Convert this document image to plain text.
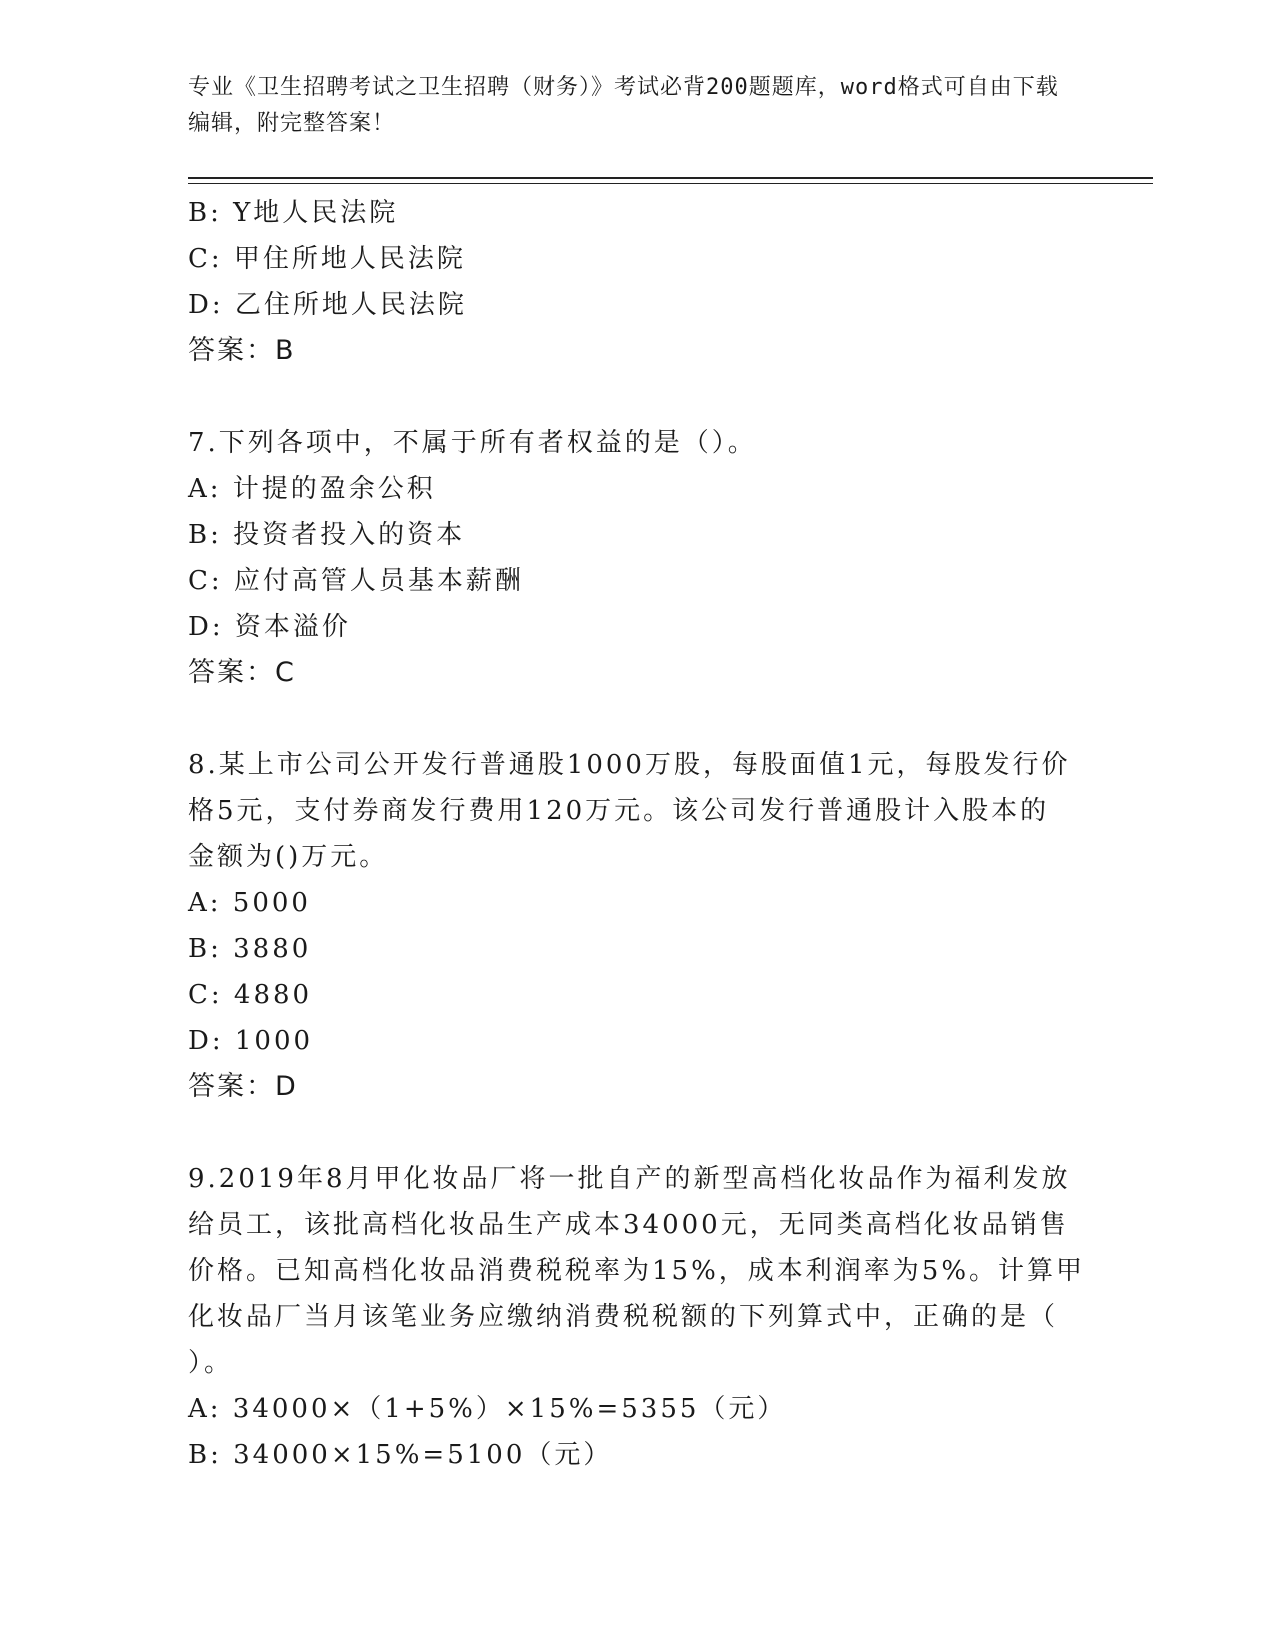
专业《卫生招聘考试之卫生招聘（财务）》考试必背200题题库，word格式可自由下载编辑，附完整答案！
B: Y地人民法院
C: 甲住所地人民法院
D: 乙住所地人民法院
答案：B
7.下列各项中，不属于所有者权益的是（）。
A: 计提的盈余公积
B: 投资者投入的资本
C: 应付高管人员基本薪酬
D: 资本溢价
答案：C
8.某上市公司公开发行普通股1000万股，每股面值1元，每股发行价
格5元，支付券商发行费用120万元。该公司发行普通股计入股本的
金额为()万元。
A: 5000
B: 3880
C: 4880
D: 1000
答案：D
9.2019年8月甲化妆品厂将一批自产的新型高档化妆品作为福利发放
给员工，该批高档化妆品生产成本34000元，无同类高档化妆品销售
价格。已知高档化妆品消费税税率为15%，成本利润率为5%。计算甲
化妆品厂当月该笔业务应缴纳消费税税额的下列算式中，正确的是（
）。
A: 34000×（1+5%）×15%=5355（元）
B: 34000×15%=5100（元）
